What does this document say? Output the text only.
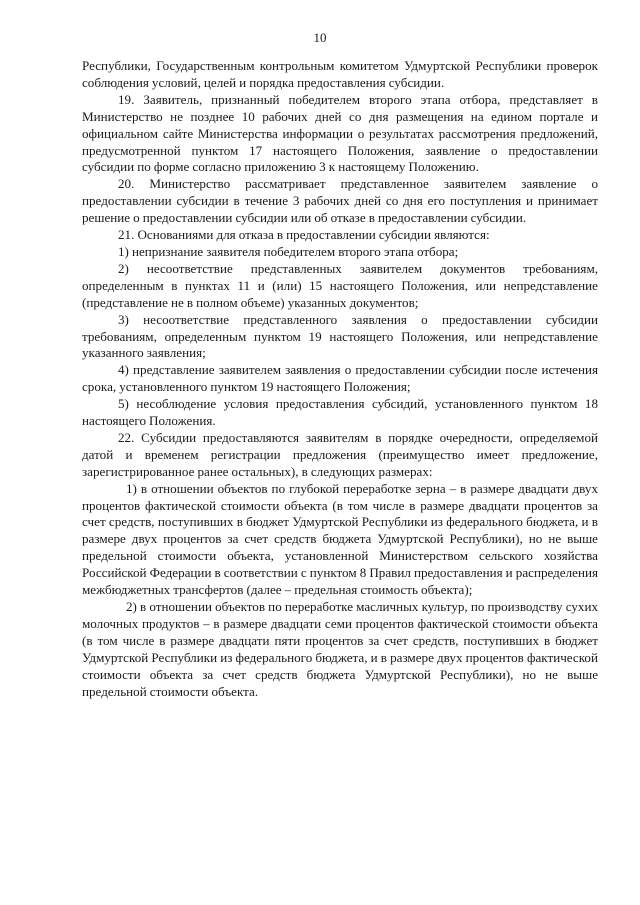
10

Республики, Государственным контрольным комитетом Удмуртской Республики проверок соблюдения условий, целей и порядка предоставления субсидии.

19. Заявитель, признанный победителем второго этапа отбора, представляет в Министерство не позднее 10 рабочих дней со дня размещения на едином портале и официальном сайте Министерства информации о результатах рассмотрения предложений, предусмотренной пунктом 17 настоящего Положения, заявление о предоставлении субсидии по форме согласно приложению 3 к настоящему Положению.

20. Министерство рассматривает представленное заявителем заявление о предоставлении субсидии в течение 3 рабочих дней со дня его поступления и принимает решение о предоставлении субсидии или об отказе в предоставлении субсидии.

21. Основаниями для отказа в предоставлении субсидии являются:

1) непризнание заявителя победителем второго этапа отбора;

2) несоответствие представленных заявителем документов требованиям, определенным в пунктах 11 и (или) 15 настоящего Положения, или непредставление (представление не в полном объеме) указанных документов;

3) несоответствие представленного заявления о предоставлении субсидии требованиям, определенным пунктом 19 настоящего Положения, или непредставление указанного заявления;

4) представление заявителем заявления о предоставлении субсидии после истечения срока, установленного пунктом 19 настоящего Положения;

5) несоблюдение условия предоставления субсидий, установленного пунктом 18 настоящего Положения.

22. Субсидии предоставляются заявителям в порядке очередности, определяемой датой и временем регистрации предложения (преимущество имеет предложение, зарегистрированное ранее остальных), в следующих размерах:

1) в отношении объектов по глубокой переработке зерна – в размере двадцати двух процентов фактической стоимости объекта (в том числе в размере двадцати процентов за счет средств, поступивших в бюджет Удмуртской Республики из федерального бюджета, и в размере двух процентов за счет средств бюджета Удмуртской Республики), но не выше предельной стоимости объекта, установленной Министерством сельского хозяйства Российской Федерации в соответствии с пунктом 8 Правил предоставления и распределения межбюджетных трансфертов (далее – предельная стоимость объекта);

2) в отношении объектов по переработке масличных культур, по производству сухих молочных продуктов – в размере двадцати семи процентов фактической стоимости объекта (в том числе в размере двадцати пяти процентов за счет средств, поступивших в бюджет Удмуртской Республики из федерального бюджета, и в размере двух процентов фактической стоимости объекта за счет средств бюджета Удмуртской Республики), но не выше предельной стоимости объекта.
